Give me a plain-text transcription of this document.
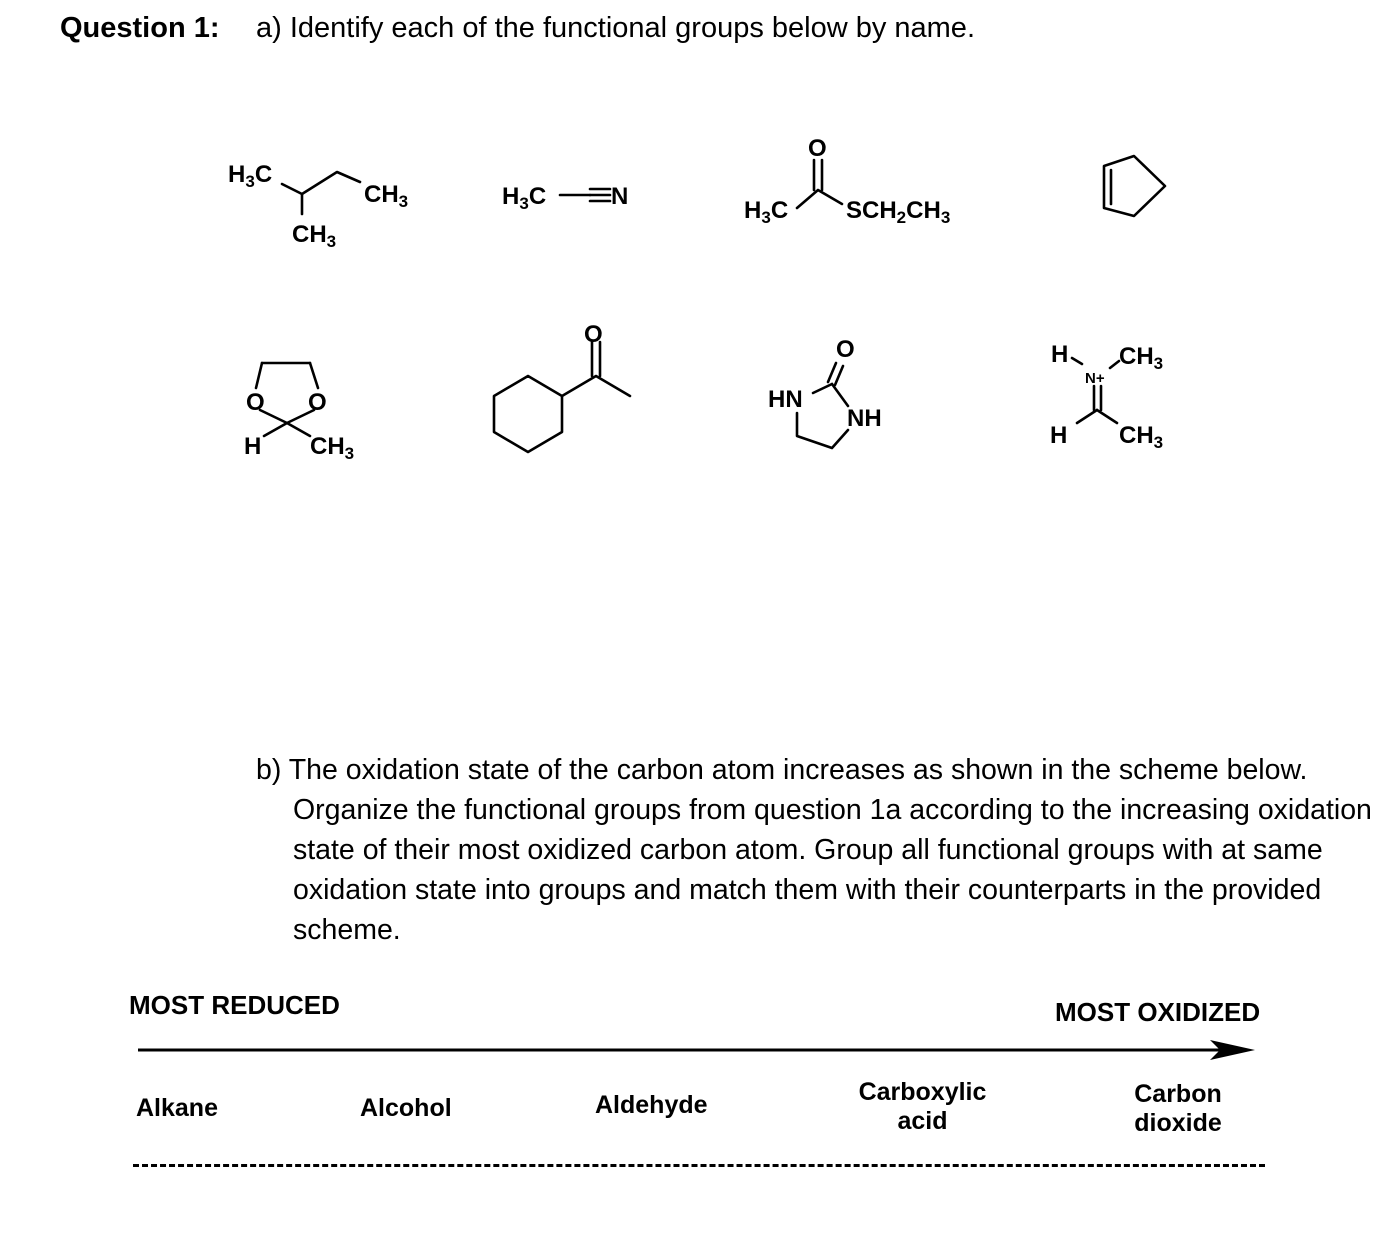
Question 1: a) Identify each of the functional groups below by name.
$H_3C$
$CH_3$
$CH_3$
$H_3C$	N
O
$H_3C$ $SCH_2CH_3$
O O
H $CH_3$
O
O
HN
NH
H $CH_3$
N+
H $CH_3$
b) The oxidation state of the carbon atom increases as shown in the scheme below. Organize the functional groups from question 1a according to the increasing oxidation state of their most oxidized carbon atom. Group all functional groups with at same oxidation state into groups and match them with their counterparts in the provided scheme.
MOST REDUCED	MOST OXIDIZED
Alkane	Alcohol	Aldehyde	Carboxylic
acid
Carbon
dioxide
